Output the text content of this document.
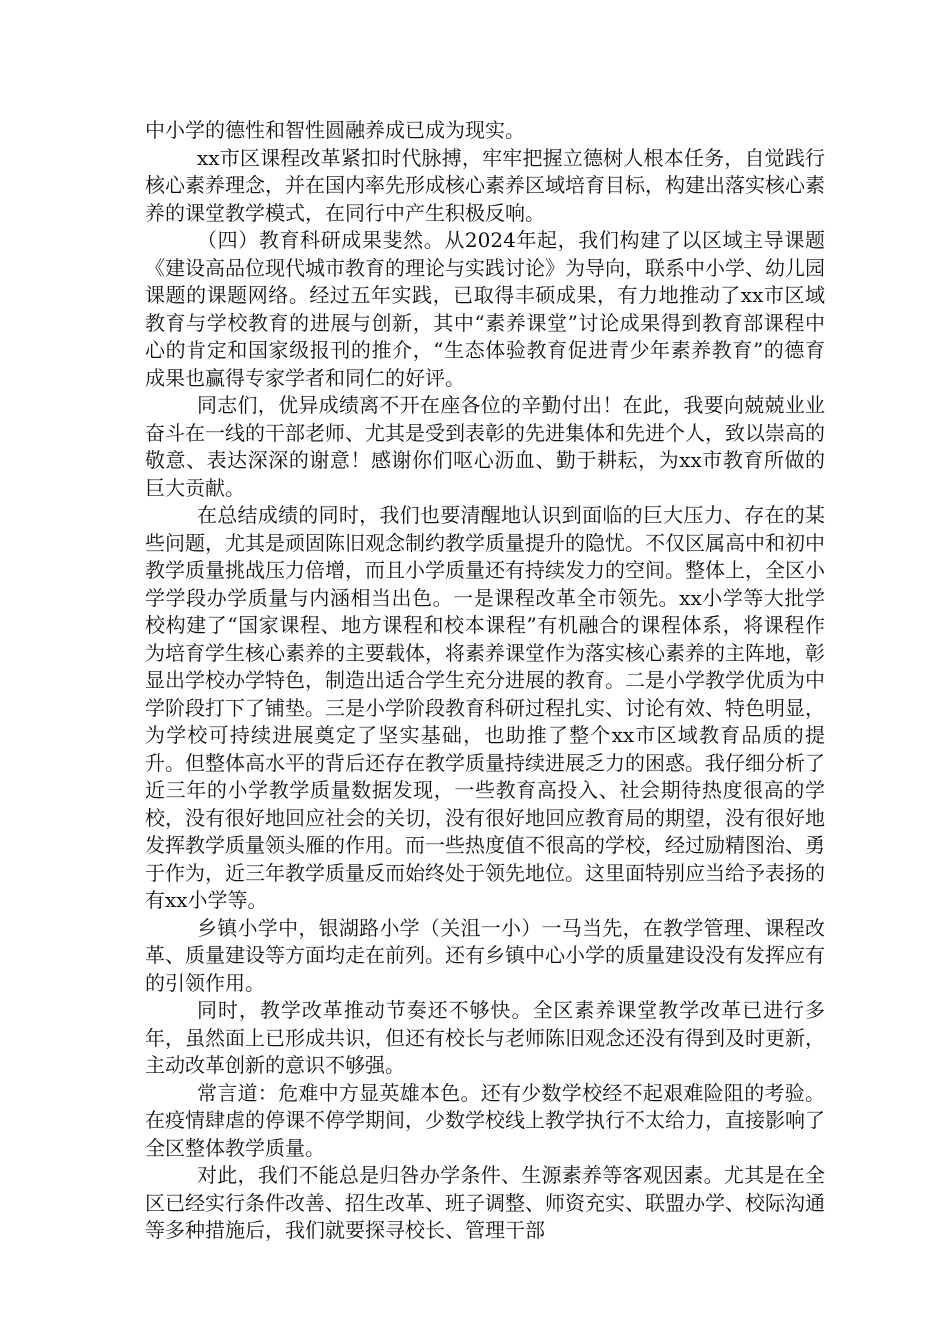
中小学的德性和智性圆融养成已成为现实。

xx市区课程改革紧扣时代脉搏，牢牢把握立德树人根本任务，自觉践行核心素养理念，并在国内率先形成核心素养区域培育目标，构建出落实核心素养的课堂教学模式，在同行中产生积极反响。

（四）教育科研成果斐然。从2024年起，我们构建了以区域主导课题《建设高品位现代城市教育的理论与实践讨论》为导向，联系中小学、幼儿园课题的课题网络。经过五年实践，已取得丰硕成果，有力地推动了xx市区域教育与学校教育的进展与创新，其中“素养课堂”讨论成果得到教育部课程中心的肯定和国家级报刊的推介，“生态体验教育促进青少年素养教育”的德育成果也赢得专家学者和同仁的好评。

同志们，优异成绩离不开在座各位的辛勤付出！在此，我要向兢兢业业奋斗在一线的干部老师、尤其是受到表彰的先进集体和先进个人，致以崇高的敬意、表达深深的谢意！感谢你们呕心沥血、勤于耕耘，为xx市教育所做的巨大贡献。

在总结成绩的同时，我们也要清醒地认识到面临的巨大压力、存在的某些问题，尤其是顽固陈旧观念制约教学质量提升的隐忧。不仅区属高中和初中教学质量挑战压力倍增，而且小学质量还有持续发力的空间。整体上，全区小学学段办学质量与内涵相当出色。一是课程改革全市领先。xx小学等大批学校构建了“国家课程、地方课程和校本课程”有机融合的课程体系，将课程作为培育学生核心素养的主要载体，将素养课堂作为落实核心素养的主阵地，彰显出学校办学特色，制造出适合学生充分进展的教育。二是小学教学优质为中学阶段打下了铺垫。三是小学阶段教育科研过程扎实、讨论有效、特色明显，为学校可持续进展奠定了坚实基础，也助推了整个xx市区域教育品质的提升。但整体高水平的背后还存在教学质量持续进展乏力的困惑。我仔细分析了近三年的小学教学质量数据发现，一些教育高投入、社会期待热度很高的学校，没有很好地回应社会的关切，没有很好地回应教育局的期望，没有很好地发挥教学质量领头雁的作用。而一些热度值不很高的学校，经过励精图治、勇于作为，近三年教学质量反而始终处于领先地位。这里面特别应当给予表扬的有xx小学等。

乡镇小学中，银湖路小学（关沮一小）一马当先，在教学管理、课程改革、质量建设等方面均走在前列。还有乡镇中心小学的质量建设没有发挥应有的引领作用。

同时，教学改革推动节奏还不够快。全区素养课堂教学改革已进行多年，虽然面上已形成共识，但还有校长与老师陈旧观念还没有得到及时更新，主动改革创新的意识不够强。

常言道：危难中方显英雄本色。还有少数学校经不起艰难险阻的考验。在疫情肆虐的停课不停学期间，少数学校线上教学执行不太给力，直接影响了全区整体教学质量。

对此，我们不能总是归咎办学条件、生源素养等客观因素。尤其是在全区已经实行条件改善、招生改革、班子调整、师资充实、联盟办学、校际沟通等多种措施后，我们就要探寻校长、管理干部
